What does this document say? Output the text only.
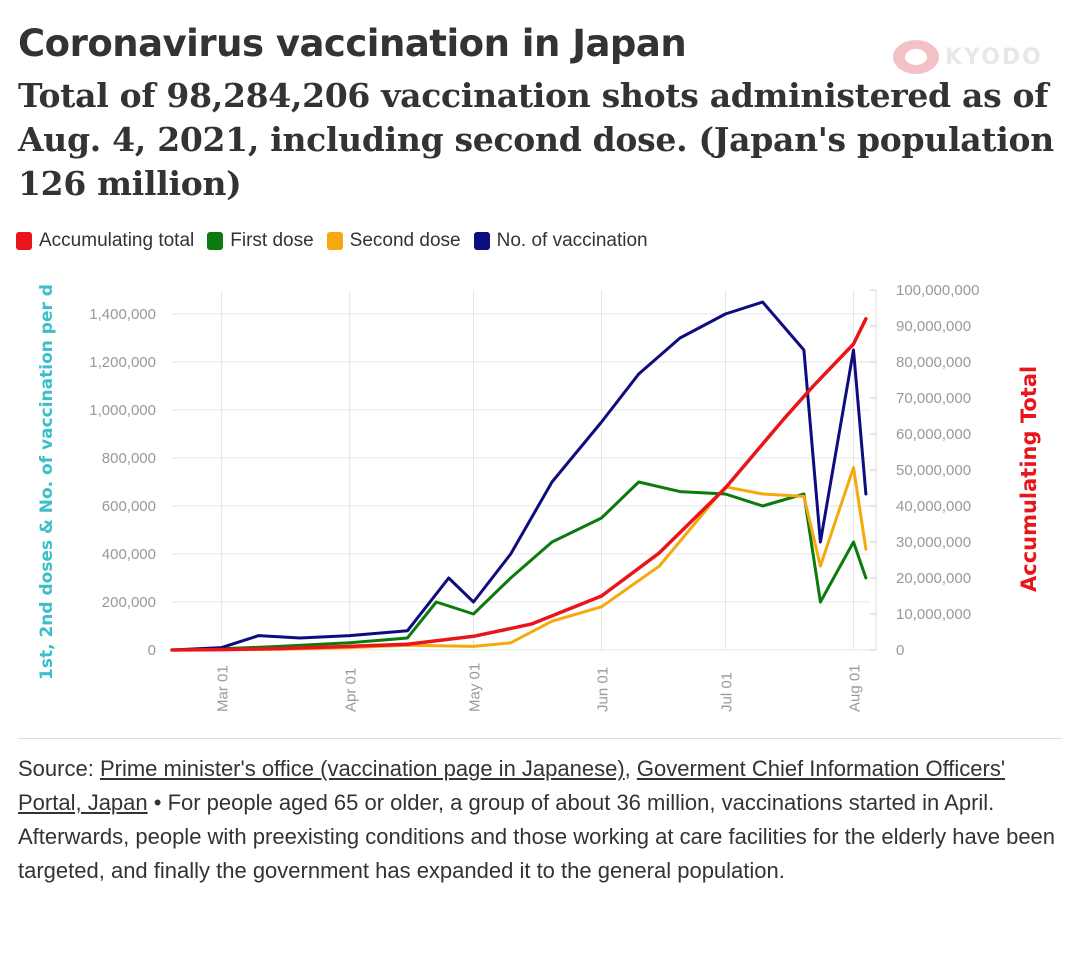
Coronavirus vaccination in Japan
Total of 98,284,206 vaccination shots administered as of Aug. 4, 2021, including second dose. (Japan's population 126 million)
KYODO
Accumulating total First dose Second dose No. of vaccination
Mar 01	Apr 01	May 01	Jun 01	Jul 01	Aug 01
1,400,000
1,200,000
1,000,000
800,000
600,000
400,000
200,000
0
100,000,000
90,000,000
80,000,000
70,000,000
60,000,000
50,000,000
40,000,000
30,000,000
20,000,000
10,000,000
0
1st, 2nd doses & No. of vaccination per d	Accumulating Total
Source: Prime minister's office (vaccination page in Japanese), Goverment Chief Information Officers' Portal, Japan • For people aged 65 or older, a group of about 36 million, vaccinations started in April.
Afterwards, people with preexisting conditions and those working at care facilities for the elderly have been targeted, and finally the government has expanded it to the general population.
